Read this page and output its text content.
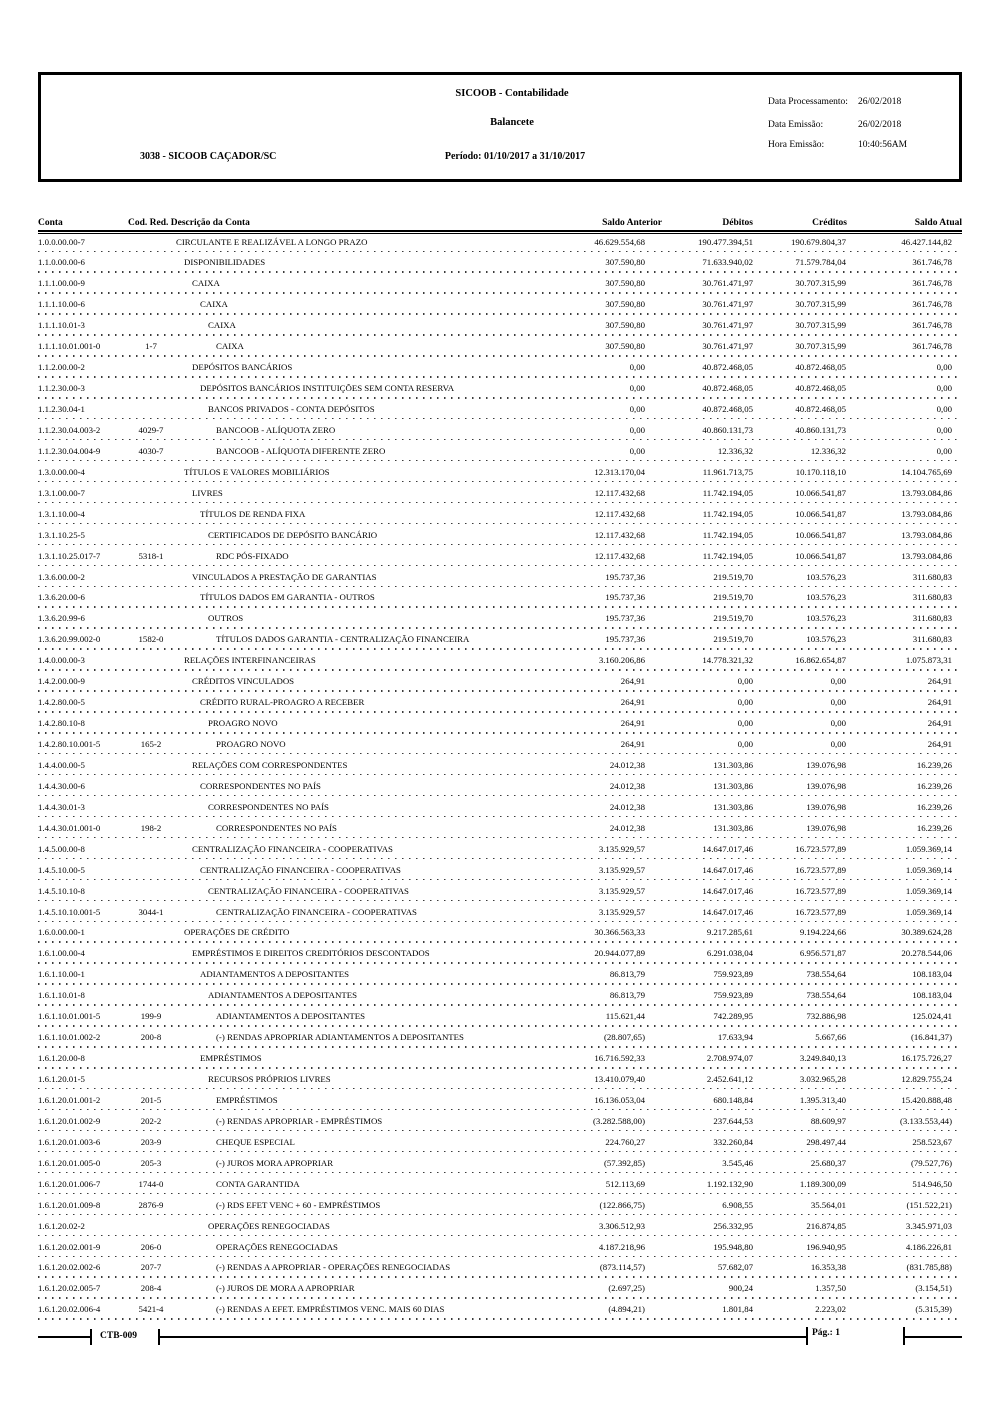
SICOOB - Contabilidade
Balancete
3038 - SICOOB CAÇADOR/SC	Período: 01/10/2017 a 31/10/2017
Data Processamento: 26/02/2018
Data Emissão:	26/02/2018
Hora Emissão:	10:40:56AM
Conta	Cod. Red. Descrição da Conta	Saldo Anterior	Débitos	Créditos	Saldo Atual
1.0.0.00.00-7	CIRCULANTE E REALIZÁVEL A LONGO PRAZO	46.629.554,68	190.477.394,51	190.679.804,37	46.427.144,82
1.1.0.00.00-6	DISPONIBILIDADES	307.590,80	71.633.940,02	71.579.784,04	361.746,78
1.1.1.00.00-9	CAIXA	307.590,80	30.761.471,97	30.707.315,99	361.746,78
1.1.1.10.00-6	CAIXA	307.590,80	30.761.471,97	30.707.315,99	361.746,78
1.1.1.10.01-3	CAIXA	307.590,80	30.761.471,97	30.707.315,99	361.746,78
1.1.1.10.01.001-0	1-7	CAIXA	307.590,80	30.761.471,97	30.707.315,99	361.746,78
1.1.2.00.00-2	DEPÓSITOS BANCÁRIOS	0,00	40.872.468,05	40.872.468,05	0,00
1.1.2.30.00-3	DEPÓSITOS BANCÁRIOS INSTITUIÇÕES SEM CONTA RESERVA	0,00	40.872.468,05	40.872.468,05	0,00
1.1.2.30.04-1	BANCOS PRIVADOS - CONTA DEPÓSITOS	0,00	40.872.468,05	40.872.468,05	0,00
1.1.2.30.04.003-2	4029-7	BANCOOB - ALÍQUOTA ZERO	0,00	40.860.131,73	40.860.131,73	0,00
1.1.2.30.04.004-9	4030-7	BANCOOB - ALÍQUOTA DIFERENTE ZERO	0,00	12.336,32	12.336,32	0,00
1.3.0.00.00-4	TÍTULOS E VALORES MOBILIÁRIOS	12.313.170,04	11.961.713,75	10.170.118,10	14.104.765,69
1.3.1.00.00-7	LIVRES	12.117.432,68	11.742.194,05	10.066.541,87	13.793.084,86
1.3.1.10.00-4	TÍTULOS DE RENDA FIXA	12.117.432,68	11.742.194,05	10.066.541,87	13.793.084,86
1.3.1.10.25-5	CERTIFICADOS DE DEPÓSITO BANCÁRIO	12.117.432,68	11.742.194,05	10.066.541,87	13.793.084,86
1.3.1.10.25.017-7	5318-1	RDC PÓS-FIXADO	12.117.432,68	11.742.194,05	10.066.541,87	13.793.084,86
1.3.6.00.00-2	VINCULADOS A PRESTAÇÃO DE GARANTIAS	195.737,36	219.519,70	103.576,23	311.680,83
1.3.6.20.00-6	TÍTULOS DADOS EM GARANTIA - OUTROS	195.737,36	219.519,70	103.576,23	311.680,83
1.3.6.20.99-6	OUTROS	195.737,36	219.519,70	103.576,23	311.680,83
1.3.6.20.99.002-0	1582-0	TÍTULOS DADOS GARANTIA - CENTRALIZAÇÃO FINANCEIRA	195.737,36	219.519,70	103.576,23	311.680,83
1.4.0.00.00-3	RELAÇÕES INTERFINANCEIRAS	3.160.206,86	14.778.321,32	16.862.654,87	1.075.873,31
1.4.2.00.00-9	CRÉDITOS VINCULADOS	264,91	0,00	0,00	264,91
1.4.2.80.00-5	CRÉDITO RURAL-PROAGRO A RECEBER	264,91	0,00	0,00	264,91
1.4.2.80.10-8	PROAGRO NOVO	264,91	0,00	0,00	264,91
1.4.2.80.10.001-5	165-2	PROAGRO NOVO	264,91	0,00	0,00	264,91
1.4.4.00.00-5	RELAÇÕES COM CORRESPONDENTES	24.012,38	131.303,86	139.076,98	16.239,26
1.4.4.30.00-6	CORRESPONDENTES NO PAÍS	24.012,38	131.303,86	139.076,98	16.239,26
1.4.4.30.01-3	CORRESPONDENTES NO PAÍS	24.012,38	131.303,86	139.076,98	16.239,26
1.4.4.30.01.001-0	198-2	CORRESPONDENTES NO PAÍS	24.012,38	131.303,86	139.076,98	16.239,26
1.4.5.00.00-8	CENTRALIZAÇÃO FINANCEIRA - COOPERATIVAS	3.135.929,57	14.647.017,46	16.723.577,89	1.059.369,14
1.4.5.10.00-5	CENTRALIZAÇÃO FINANCEIRA - COOPERATIVAS	3.135.929,57	14.647.017,46	16.723.577,89	1.059.369,14
1.4.5.10.10-8	CENTRALIZAÇÃO FINANCEIRA - COOPERATIVAS	3.135.929,57	14.647.017,46	16.723.577,89	1.059.369,14
1.4.5.10.10.001-5	3044-1	CENTRALIZAÇÃO FINANCEIRA - COOPERATIVAS	3.135.929,57	14.647.017,46	16.723.577,89	1.059.369,14
1.6.0.00.00-1	OPERAÇÕES DE CRÉDITO	30.366.563,33	9.217.285,61	9.194.224,66	30.389.624,28
1.6.1.00.00-4	EMPRÉSTIMOS E DIREITOS CREDITÓRIOS DESCONTADOS	20.944.077,89	6.291.038,04	6.956.571,87	20.278.544,06
1.6.1.10.00-1	ADIANTAMENTOS A DEPOSITANTES	86.813,79	759.923,89	738.554,64	108.183,04
1.6.1.10.01-8	ADIANTAMENTOS A DEPOSITANTES	86.813,79	759.923,89	738.554,64	108.183,04
1.6.1.10.01.001-5	199-9	ADIANTAMENTOS A DEPOSITANTES	115.621,44	742.289,95	732.886,98	125.024,41
1.6.1.10.01.002-2	200-8	(-) RENDAS APROPRIAR ADIANTAMENTOS A DEPOSITANTES	(28.807,65)	17.633,94	5.667,66	(16.841,37)
1.6.1.20.00-8	EMPRÉSTIMOS	16.716.592,33	2.708.974,07	3.249.840,13	16.175.726,27
1.6.1.20.01-5	RECURSOS PRÓPRIOS LIVRES	13.410.079,40	2.452.641,12	3.032.965,28	12.829.755,24
1.6.1.20.01.001-2	201-5	EMPRÉSTIMOS	16.136.053,04	680.148,84	1.395.313,40	15.420.888,48
1.6.1.20.01.002-9	202-2	(-) RENDAS APROPRIAR - EMPRÉSTIMOS	(3.282.588,00)	237.644,53	88.609,97	(3.133.553,44)
1.6.1.20.01.003-6	203-9	CHEQUE ESPECIAL	224.760,27	332.260,84	298.497,44	258.523,67
1.6.1.20.01.005-0	205-3	(-) JUROS MORA APROPRIAR	(57.392,85)	3.545,46	25.680,37	(79.527,76)
1.6.1.20.01.006-7	1744-0	CONTA GARANTIDA	512.113,69	1.192.132,90	1.189.300,09	514.946,50
1.6.1.20.01.009-8	2876-9	(-) RDS EFET VENC + 60 - EMPRÉSTIMOS	(122.866,75)	6.908,55	35.564,01	(151.522,21)
1.6.1.20.02-2	OPERAÇÕES RENEGOCIADAS	3.306.512,93	256.332,95	216.874,85	3.345.971,03
1.6.1.20.02.001-9	206-0	OPERAÇÕES RENEGOCIADAS	4.187.218,96	195.948,80	196.940,95	4.186.226,81
1.6.1.20.02.002-6	207-7	(-) RENDAS A APROPRIAR - OPERAÇÕES RENEGOCIADAS	(873.114,57)	57.682,07	16.353,38	(831.785,88)
1.6.1.20.02.005-7	208-4	(-) JUROS DE MORA A APROPRIAR	(2.697,25)	900,24	1.357,50	(3.154,51)
1.6.1.20.02.006-4	5421-4	(-) RENDAS A EFET. EMPRÉSTIMOS VENC. MAIS 60 DIAS	(4.894,21)	1.801,84	2.223,02	(5.315,39)
CTB-009	Pág.: 1
